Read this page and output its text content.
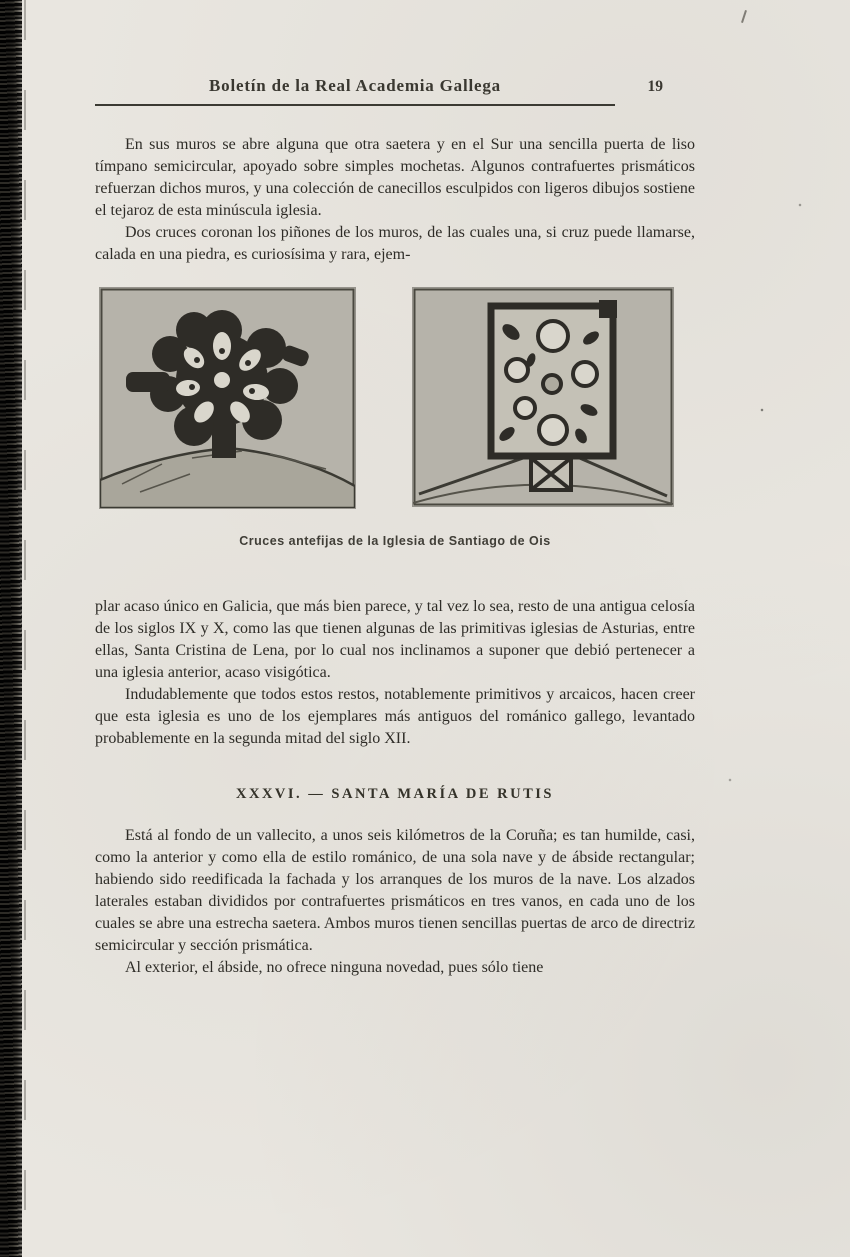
Boletín de la Real Academia Gallega	19

En sus muros se abre alguna que otra saetera y en el Sur una sencilla puerta de liso tímpano semicircular, apoyado sobre simples mochetas. Algunos contrafuertes prismáticos refuerzan dichos muros, y una colección de canecillos esculpidos con ligeros dibujos sostiene el tejaroz de esta minúscula iglesia.

Dos cruces coronan los piñones de los muros, de las cuales una, si cruz puede llamarse, calada en una piedra, es curiosísima y rara, ejem-

Cruces antefijas de la Iglesia de Santiago de Ois

plar acaso único en Galicia, que más bien parece, y tal vez lo sea, resto de una antigua celosía de los siglos IX y X, como las que tienen algunas de las primitivas iglesias de Asturias, entre ellas, Santa Cristina de Lena, por lo cual nos inclinamos a suponer que debió pertenecer a una iglesia anterior, acaso visigótica.

Indudablemente que todos estos restos, notablemente primitivos y arcaicos, hacen creer que esta iglesia es uno de los ejemplares más antiguos del románico gallego, levantado probablemente en la segunda mitad del siglo XII.

XXXVI. — SANTA MARÍA DE RUTIS

Está al fondo de un vallecito, a unos seis kilómetros de la Coruña; es tan humilde, casi, como la anterior y como ella de estilo románico, de una sola nave y de ábside rectangular; habiendo sido reedificada la fachada y los arranques de los muros de la nave. Los alzados laterales estaban divididos por contrafuertes prismáticos en tres vanos, en cada uno de los cuales se abre una estrecha saetera. Ambos muros tienen sencillas puertas de arco de directriz semicircular y sección prismática.

Al exterior, el ábside, no ofrece ninguna novedad, pues sólo tiene
